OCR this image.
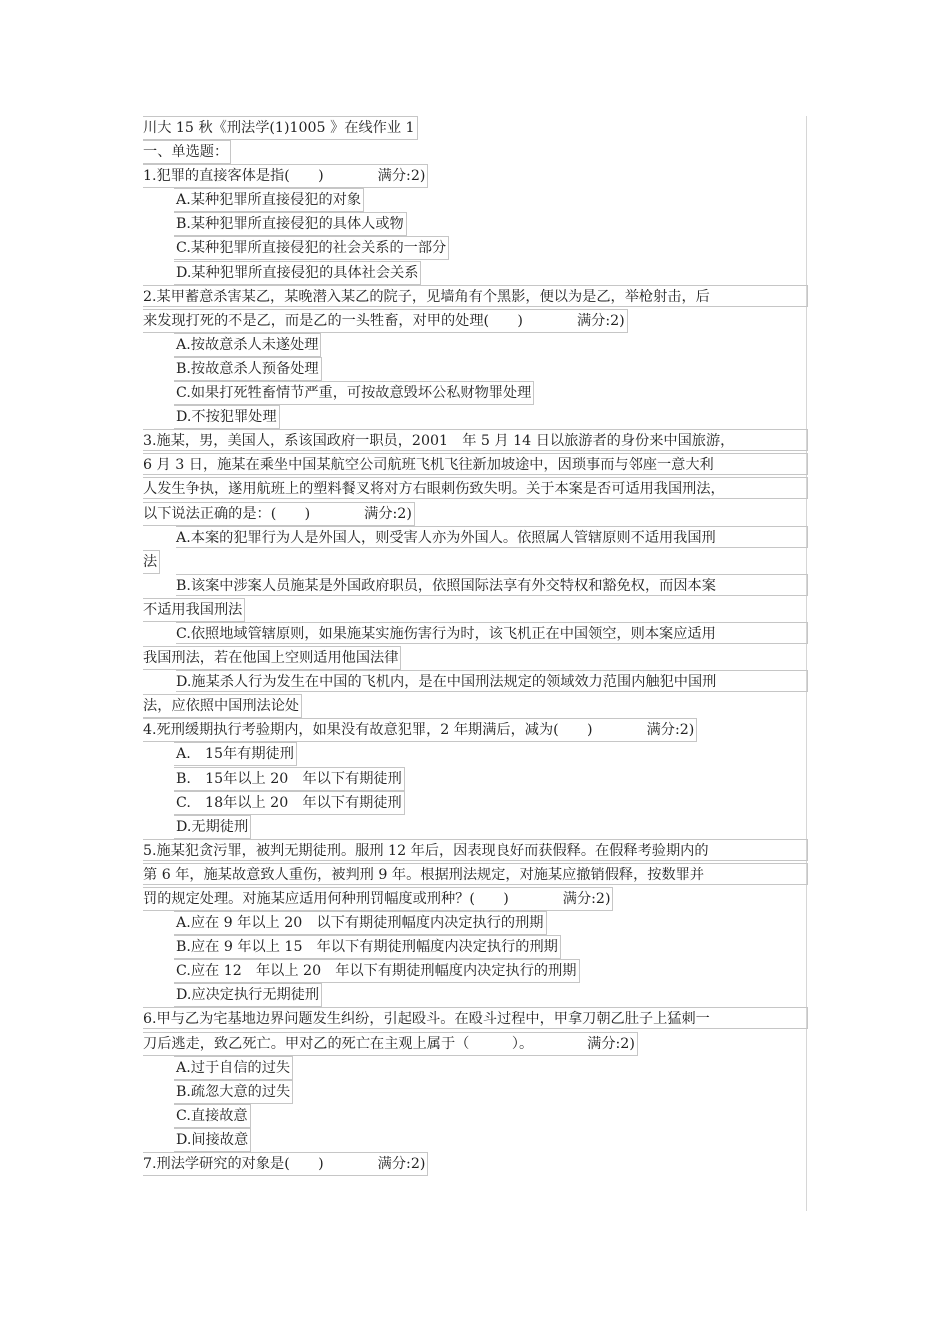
川大 15 秋《刑法学(1)1005 》在线作业 1
一、单选题：
1.犯罪的直接客体是指(　　)	满分:2)
A.某种犯罪所直接侵犯的对象
B.某种犯罪所直接侵犯的具体人或物
C.某种犯罪所直接侵犯的社会关系的一部分
D.某种犯罪所直接侵犯的具体社会关系
2.某甲蓄意杀害某乙，某晚潜入某乙的院子，见墙角有个黑影，便以为是乙，举枪射击，后
来发现打死的不是乙，而是乙的一头牲畜，对甲的处理(　　)	满分:2)
A.按故意杀人未遂处理
B.按故意杀人预备处理
C.如果打死牲畜情节严重，可按故意毁坏公私财物罪处理
D.不按犯罪处理
3.施某，男，美国人，系该国政府一职员，2001　年 5 月 14 日以旅游者的身份来中国旅游，
6 月 3 日，施某在乘坐中国某航空公司航班飞机飞往新加坡途中，因琐事而与邻座一意大利
人发生争执，遂用航班上的塑料餐叉将对方右眼刺伤致失明。关于本案是否可适用我国刑法，
以下说法正确的是：(　　)	满分:2)
A.本案的犯罪行为人是外国人，则受害人亦为外国人。依照属人管辖原则不适用我国刑
法
B.该案中涉案人员施某是外国政府职员，依照国际法享有外交特权和豁免权，而因本案
不适用我国刑法
C.依照地域管辖原则，如果施某实施伤害行为时，该飞机正在中国领空，则本案应适用
我国刑法，若在他国上空则适用他国法律
D.施某杀人行为发生在中国的飞机内，是在中国刑法规定的领域效力范围内触犯中国刑
法，应依照中国刑法论处
4.死刑缓期执行考验期内，如果没有故意犯罪，2 年期满后，减为(　　)	满分:2)
A.　15年有期徒刑
B.　15年以上 20　年以下有期徒刑
C.　18年以上 20　年以下有期徒刑
D.无期徒刑
5.施某犯贪污罪，被判无期徒刑。服刑 12 年后，因表现良好而获假释。在假释考验期内的
第 6 年，施某故意致人重伤，被判刑 9 年。根据刑法规定，对施某应撤销假释，按数罪并
罚的规定处理。对施某应适用何种刑罚幅度或刑种？(　　)	满分:2)
A.应在 9 年以上 20　以下有期徒刑幅度内决定执行的刑期
B.应在 9 年以上 15　年以下有期徒刑幅度内决定执行的刑期
C.应在 12　年以上 20　年以下有期徒刑幅度内决定执行的刑期
D.应决定执行无期徒刑
6.甲与乙为宅基地边界问题发生纠纷，引起殴斗。在殴斗过程中，甲拿刀朝乙肚子上猛刺一
刀后逃走，致乙死亡。甲对乙的死亡在主观上属于（　　　）。	满分:2)
A.过于自信的过失
B.疏忽大意的过失
C.直接故意
D.间接故意
7.刑法学研究的对象是(　　)	满分:2)
